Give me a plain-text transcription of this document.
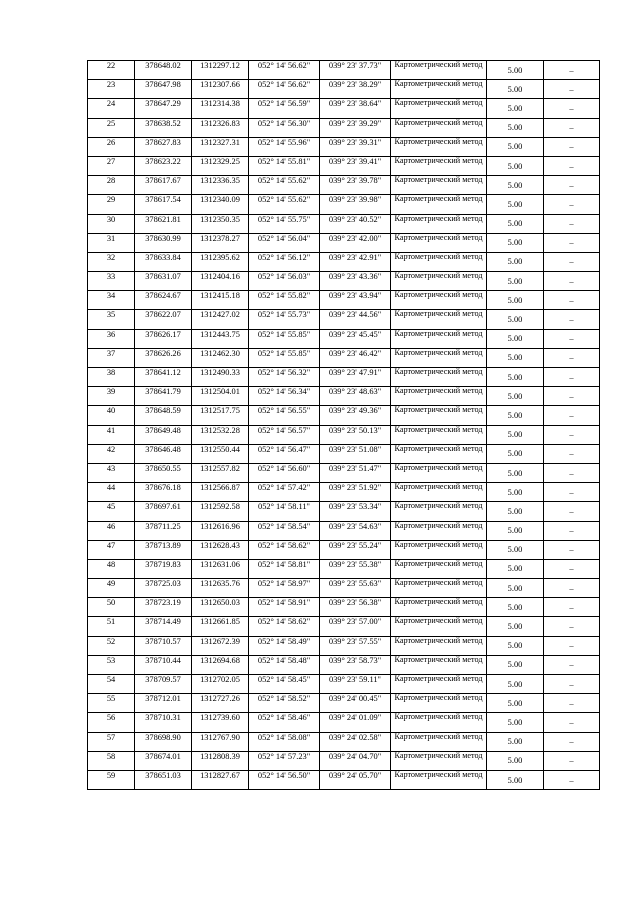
22	378648.02	1312297.12	052° 14' 56.62"	039° 23' 37.73"	Картометрический метод	5.00	–
23	378647.98	1312307.66	052° 14' 56.62"	039° 23' 38.29"	Картометрический метод	5.00	–
24	378647.29	1312314.38	052° 14' 56.59"	039° 23' 38.64"	Картометрический метод	5.00	–
25	378638.52	1312326.83	052° 14' 56.30"	039° 23' 39.29"	Картометрический метод	5.00	–
26	378627.83	1312327.31	052° 14' 55.96"	039° 23' 39.31"	Картометрический метод	5.00	–
27	378623.22	1312329.25	052° 14' 55.81"	039° 23' 39.41"	Картометрический метод	5.00	–
28	378617.67	1312336.35	052° 14' 55.62"	039° 23' 39.78"	Картометрический метод	5.00	–
29	378617.54	1312340.09	052° 14' 55.62"	039° 23' 39.98"	Картометрический метод	5.00	–
30	378621.81	1312350.35	052° 14' 55.75"	039° 23' 40.52"	Картометрический метод	5.00	–
31	378630.99	1312378.27	052° 14' 56.04"	039° 23' 42.00"	Картометрический метод	5.00	–
32	378633.84	1312395.62	052° 14' 56.12"	039° 23' 42.91"	Картометрический метод	5.00	–
33	378631.07	1312404.16	052° 14' 56.03"	039° 23' 43.36"	Картометрический метод	5.00	–
34	378624.67	1312415.18	052° 14' 55.82"	039° 23' 43.94"	Картометрический метод	5.00	–
35	378622.07	1312427.02	052° 14' 55.73"	039° 23' 44.56"	Картометрический метод	5.00	–
36	378626.17	1312443.75	052° 14' 55.85"	039° 23' 45.45"	Картометрический метод	5.00	–
37	378626.26	1312462.30	052° 14' 55.85"	039° 23' 46.42"	Картометрический метод	5.00	–
38	378641.12	1312490.33	052° 14' 56.32"	039° 23' 47.91"	Картометрический метод	5.00	–
39	378641.79	1312504.01	052° 14' 56.34"	039° 23' 48.63"	Картометрический метод	5.00	–
40	378648.59	1312517.75	052° 14' 56.55"	039° 23' 49.36"	Картометрический метод	5.00	–
41	378649.48	1312532.28	052° 14' 56.57"	039° 23' 50.13"	Картометрический метод	5.00	–
42	378646.48	1312550.44	052° 14' 56.47"	039° 23' 51.08"	Картометрический метод	5.00	–
43	378650.55	1312557.82	052° 14' 56.60"	039° 23' 51.47"	Картометрический метод	5.00	–
44	378676.18	1312566.87	052° 14' 57.42"	039° 23' 51.92"	Картометрический метод	5.00	–
45	378697.61	1312592.58	052° 14' 58.11"	039° 23' 53.34"	Картометрический метод	5.00	–
46	378711.25	1312616.96	052° 14' 58.54"	039° 23' 54.63"	Картометрический метод	5.00	–
47	378713.89	1312628.43	052° 14' 58.62"	039° 23' 55.24"	Картометрический метод	5.00	–
48	378719.83	1312631.06	052° 14' 58.81"	039° 23' 55.38"	Картометрический метод	5.00	–
49	378725.03	1312635.76	052° 14' 58.97"	039° 23' 55.63"	Картометрический метод	5.00	–
50	378723.19	1312650.03	052° 14' 58.91"	039° 23' 56.38"	Картометрический метод	5.00	–
51	378714.49	1312661.85	052° 14' 58.62"	039° 23' 57.00"	Картометрический метод	5.00	–
52	378710.57	1312672.39	052° 14' 58.49"	039° 23' 57.55"	Картометрический метод	5.00	–
53	378710.44	1312694.68	052° 14' 58.48"	039° 23' 58.73"	Картометрический метод	5.00	–
54	378709.57	1312702.05	052° 14' 58.45"	039° 23' 59.11"	Картометрический метод	5.00	–
55	378712.01	1312727.26	052° 14' 58.52"	039° 24' 00.45"	Картометрический метод	5.00	–
56	378710.31	1312739.60	052° 14' 58.46"	039° 24' 01.09"	Картометрический метод	5.00	–
57	378698.90	1312767.90	052° 14' 58.08"	039° 24' 02.58"	Картометрический метод	5.00	–
58	378674.01	1312808.39	052° 14' 57.23"	039° 24' 04.70"	Картометрический метод	5.00	–
59	378651.03	1312827.67	052° 14' 56.50"	039° 24' 05.70"	Картометрический метод	5.00	–
